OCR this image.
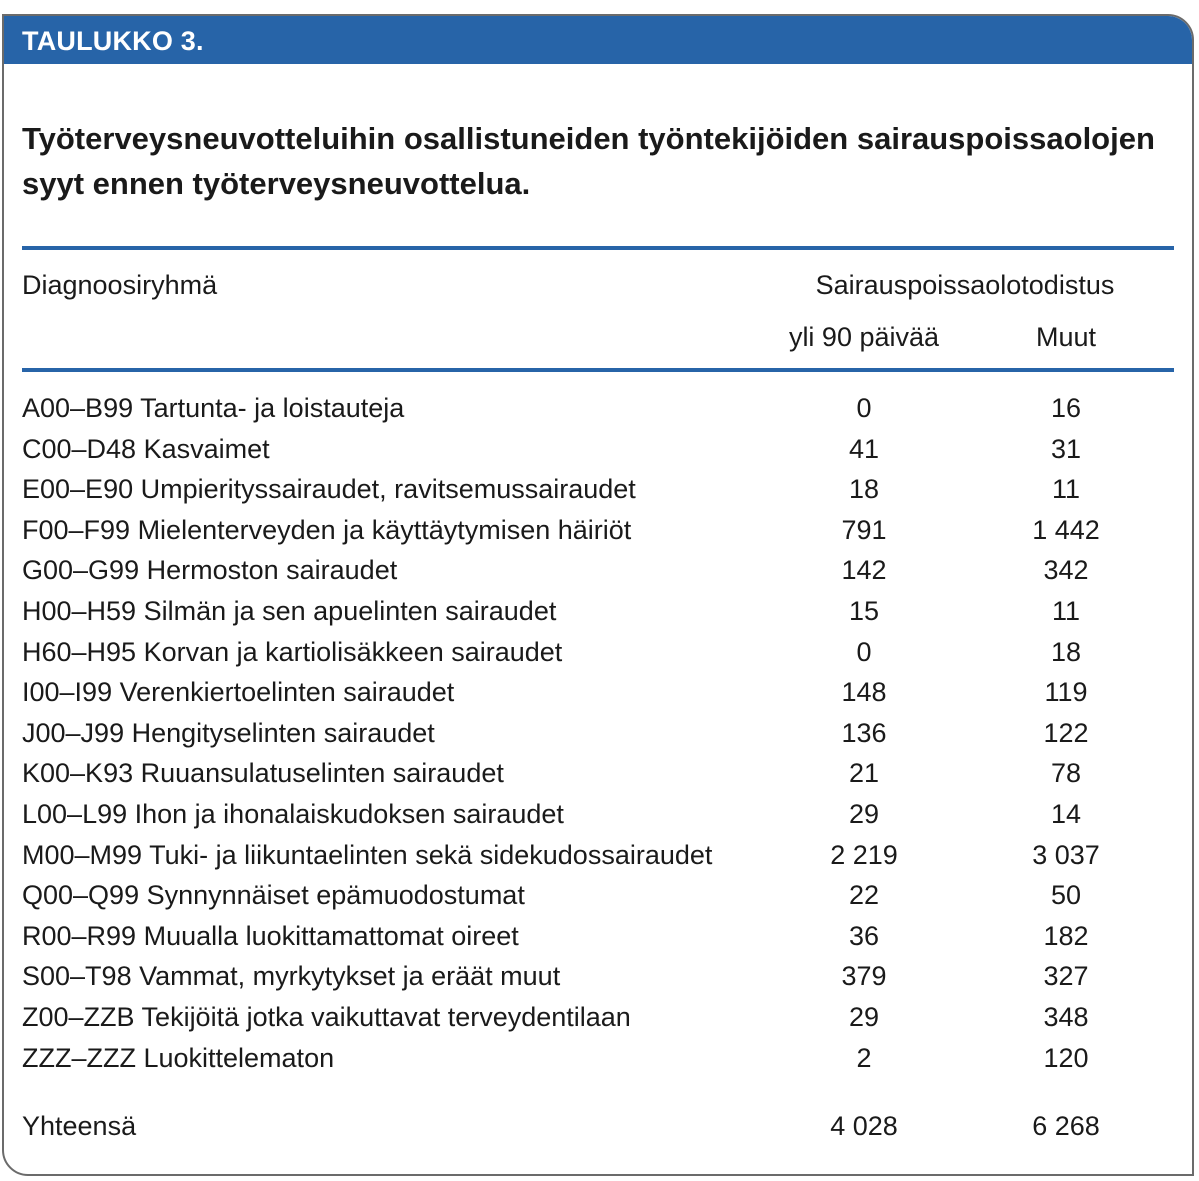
TAULUKKO 3.
Työterveysneuvotteluihin osallistuneiden työntekijöiden sairauspoissaolojen syyt ennen työterveysneuvottelua.
Diagnoosiryhmä	Sairauspoissaolotodistus
yli 90 päivää	Muut
A00–B99 Tartunta- ja loistauteja	0	16
C00–D48 Kasvaimet	41	31
E00–E90 Umpierityssairaudet, ravitsemussairaudet	18	11
F00–F99 Mielenterveyden ja käyttäytymisen häiriöt	791	1 442
G00–G99 Hermoston sairaudet	142	342
H00–H59 Silmän ja sen apuelinten sairaudet	15	11
H60–H95 Korvan ja kartiolisäkkeen sairaudet	0	18
I00–I99 Verenkiertoelinten sairaudet	148	119
J00–J99 Hengityselinten sairaudet	136	122
K00–K93 Ruuansulatuselinten sairaudet	21	78
L00–L99 Ihon ja ihonalaiskudoksen sairaudet	29	14
M00–M99 Tuki- ja liikuntaelinten sekä sidekudossairaudet	2 219	3 037
Q00–Q99 Synnynnäiset epämuodostumat	22	50
R00–R99 Muualla luokittamattomat oireet	36	182
S00–T98 Vammat, myrkytykset ja eräät muut	379	327
Z00–ZZB Tekijöitä jotka vaikuttavat terveydentilaan	29	348
ZZZ–ZZZ Luokittelematon	2	120
Yhteensä	4 028	6 268
